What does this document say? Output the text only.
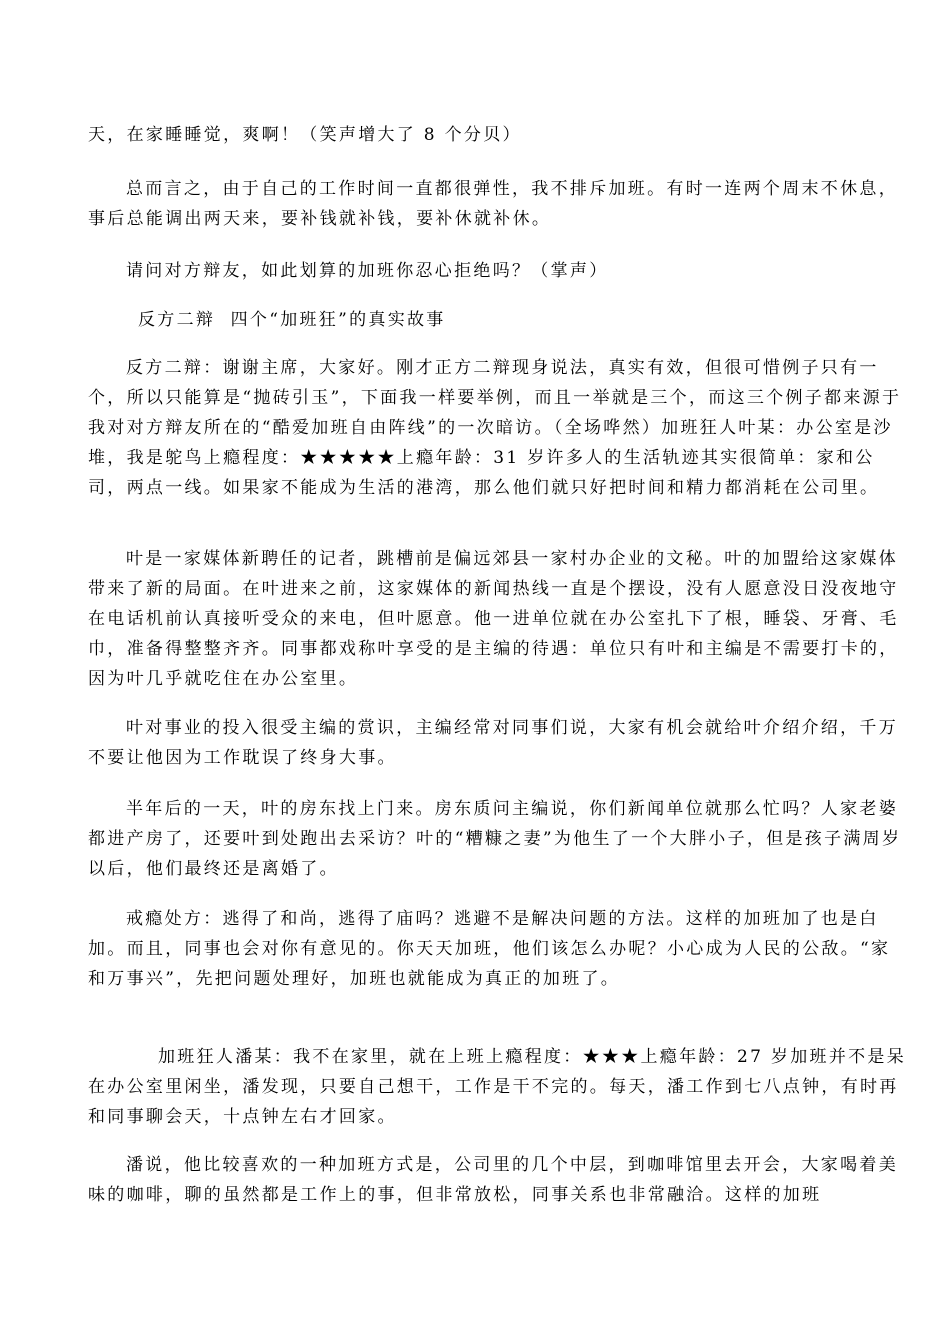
天，在家睡睡觉，爽啊！（笑声增大了 8 个分贝）

总而言之，由于自己的工作时间一直都很弹性，我不排斥加班。有时一连两个周末不休息，事后总能调出两天来，要补钱就补钱，要补休就补休。

请问对方辩友，如此划算的加班你忍心拒绝吗？（掌声）

反方二辩  四个“加班狂”的真实故事

反方二辩：谢谢主席，大家好。刚才正方二辩现身说法，真实有效，但很可惜例子只有一个，所以只能算是“抛砖引玉”，下面我一样要举例，而且一举就是三个，而这三个例子都来源于我对对方辩友所在的“酷爱加班自由阵线”的一次暗访。（全场哗然）加班狂人叶某：办公室是沙堆，我是鸵鸟上瘾程度：★★★★★上瘾年龄：31 岁许多人的生活轨迹其实很简单：家和公司，两点一线。如果家不能成为生活的港湾，那么他们就只好把时间和精力都消耗在公司里。

叶是一家媒体新聘任的记者，跳槽前是偏远郊县一家村办企业的文秘。叶的加盟给这家媒体带来了新的局面。在叶进来之前，这家媒体的新闻热线一直是个摆设，没有人愿意没日没夜地守在电话机前认真接听受众的来电，但叶愿意。他一进单位就在办公室扎下了根，睡袋、牙膏、毛巾，准备得整整齐齐。同事都戏称叶享受的是主编的待遇：单位只有叶和主编是不需要打卡的，因为叶几乎就吃住在办公室里。

叶对事业的投入很受主编的赏识，主编经常对同事们说，大家有机会就给叶介绍介绍，千万不要让他因为工作耽误了终身大事。

半年后的一天，叶的房东找上门来。房东质问主编说，你们新闻单位就那么忙吗？人家老婆都进产房了，还要叶到处跑出去采访？叶的“糟糠之妻”为他生了一个大胖小子，但是孩子满周岁以后，他们最终还是离婚了。

戒瘾处方：逃得了和尚，逃得了庙吗？逃避不是解决问题的方法。这样的加班加了也是白加。而且，同事也会对你有意见的。你天天加班，他们该怎么办呢？小心成为人民的公敌。“家和万事兴”，先把问题处理好，加班也就能成为真正的加班了。

加班狂人潘某：我不在家里，就在上班上瘾程度：★★★上瘾年龄：27 岁加班并不是呆在办公室里闲坐，潘发现，只要自己想干，工作是干不完的。每天，潘工作到七八点钟，有时再和同事聊会天，十点钟左右才回家。

潘说，他比较喜欢的一种加班方式是，公司里的几个中层，到咖啡馆里去开会，大家喝着美味的咖啡，聊的虽然都是工作上的事，但非常放松，同事关系也非常融洽。这样的加班
